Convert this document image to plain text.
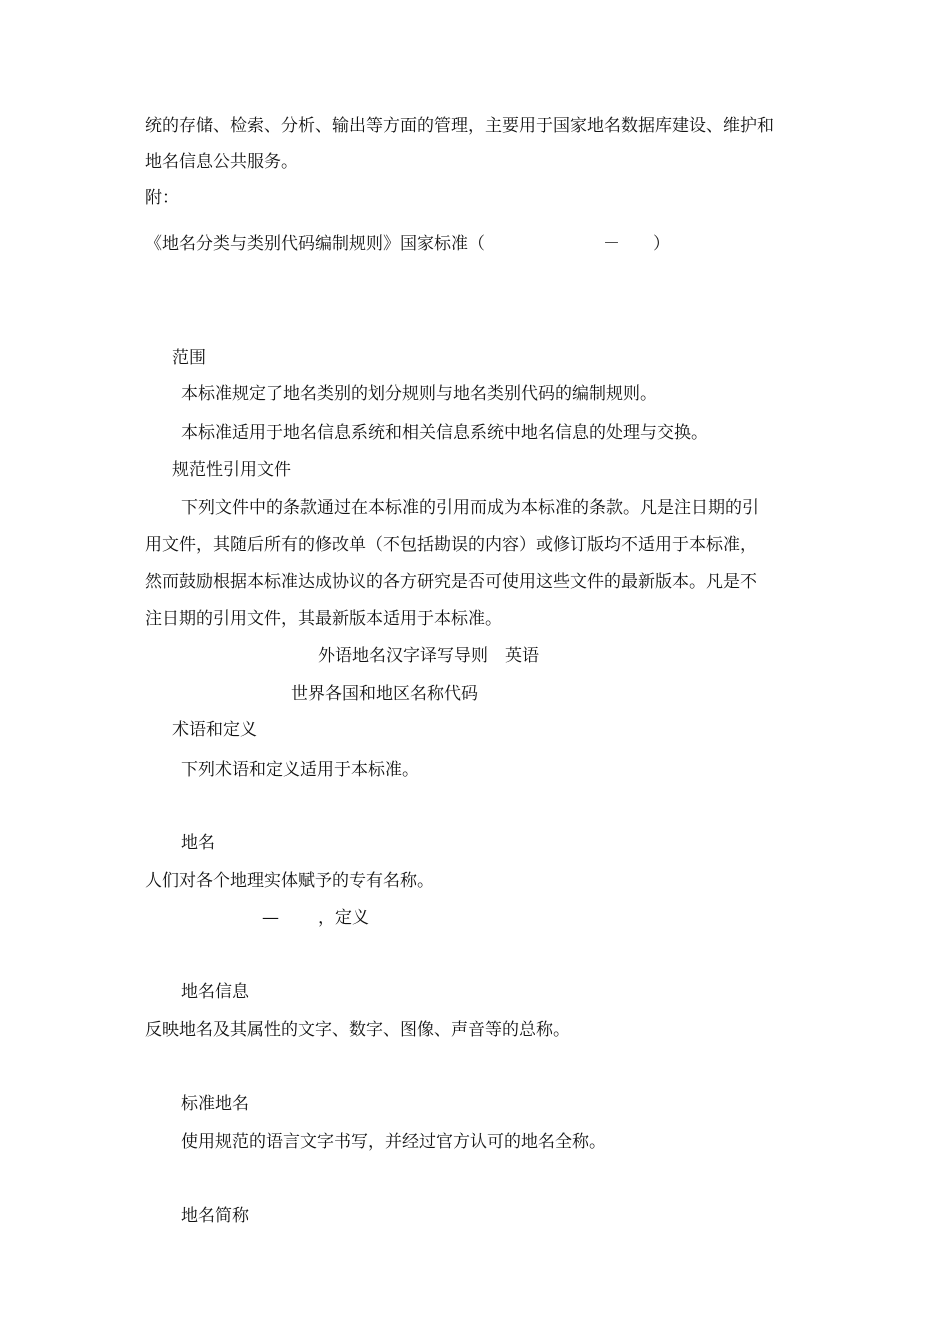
统的存储、检索、分析、输出等方面的管理，主要用于国家地名数据库建设、维护和

地名信息公共服务。

附：

《地名分类与类别代码编制规则》国家标准（	－ ）

范围

本标准规定了地名类别的划分规则与地名类别代码的编制规则。

本标准适用于地名信息系统和相关信息系统中地名信息的处理与交换。

规范性引用文件

下列文件中的条款通过在本标准的引用而成为本标准的条款。凡是注日期的引

用文件，其随后所有的修改单（不包括勘误的内容）或修订版均不适用于本标准，

然而鼓励根据本标准达成协议的各方研究是否可使用这些文件的最新版本。凡是不

注日期的引用文件，其最新版本适用于本标准。

外语地名汉字译写导则　英语

世界各国和地区名称代码

术语和定义

下列术语和定义适用于本标准。

地名

人们对各个地理实体赋予的专有名称。

— ，定义

地名信息

反映地名及其属性的文字、数字、图像、声音等的总称。

标准地名

使用规范的语言文字书写，并经过官方认可的地名全称。

地名简称
